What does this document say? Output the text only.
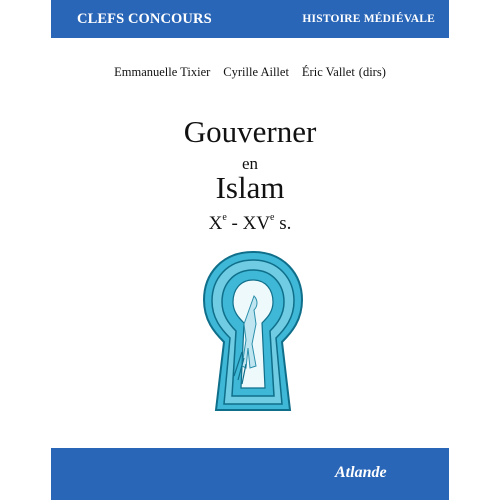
CLEFS CONCOURS	HISTOIRE MÉDIÉVALE
Emmanuelle Tixier Cyrille Aillet Éric Vallet (dirs)
Gouverner
en
Islam
Xe - XVe s.
Atlande
